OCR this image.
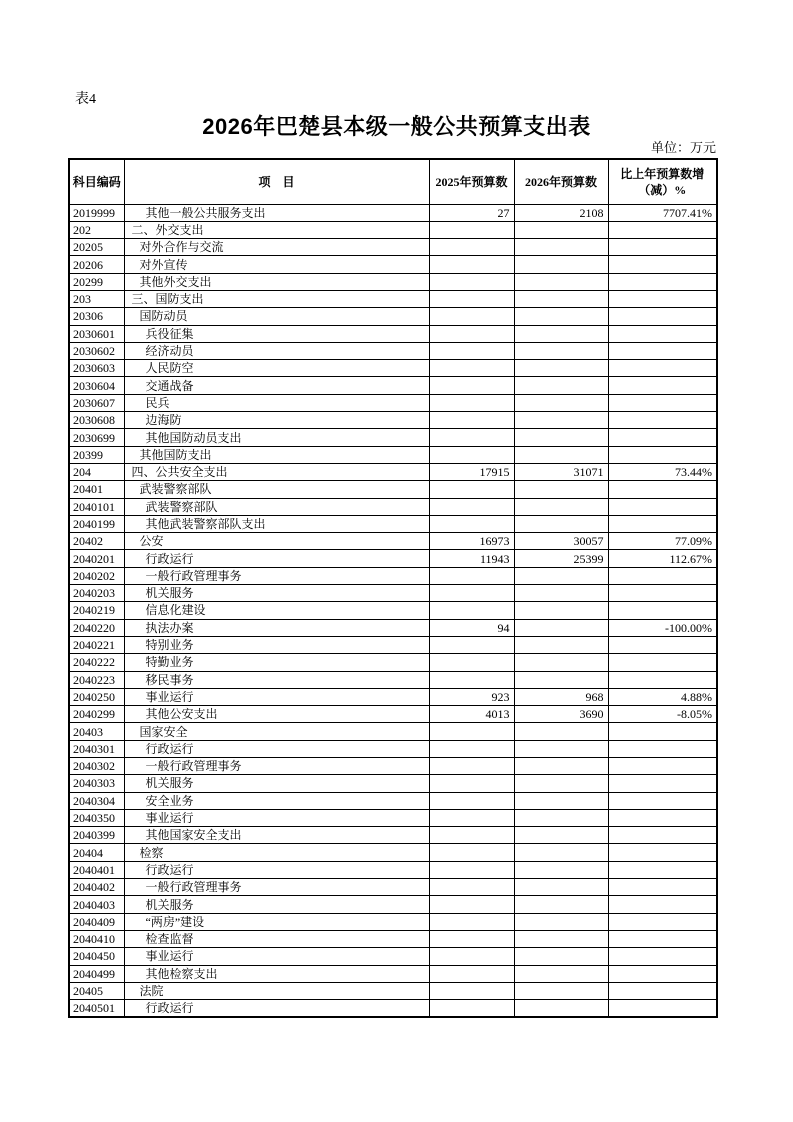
表4
2026年巴楚县本级一般公共预算支出表
单位：万元
科目编码	项　目	2025年预算数	2026年预算数	比上年预算数增（减）%
2019999	其他一般公共服务支出	27	2108	7707.41%
202	二、外交支出			
20205	对外合作与交流			
20206	对外宣传			
20299	其他外交支出			
203	三、国防支出			
20306	国防动员			
2030601	兵役征集			
2030602	经济动员			
2030603	人民防空			
2030604	交通战备			
2030607	民兵			
2030608	边海防			
2030699	其他国防动员支出			
20399	其他国防支出			
204	四、公共安全支出	17915	31071	73.44%
20401	武装警察部队			
2040101	武装警察部队			
2040199	其他武装警察部队支出			
20402	公安	16973	30057	77.09%
2040201	行政运行	11943	25399	112.67%
2040202	一般行政管理事务			
2040203	机关服务			
2040219	信息化建设			
2040220	执法办案	94		-100.00%
2040221	特别业务			
2040222	特勤业务			
2040223	移民事务			
2040250	事业运行	923	968	4.88%
2040299	其他公安支出	4013	3690	-8.05%
20403	国家安全			
2040301	行政运行			
2040302	一般行政管理事务			
2040303	机关服务			
2040304	安全业务			
2040350	事业运行			
2040399	其他国家安全支出			
20404	检察			
2040401	行政运行			
2040402	一般行政管理事务			
2040403	机关服务			
2040409	“两房”建设			
2040410	检查监督			
2040450	事业运行			
2040499	其他检察支出			
20405	法院			
2040501	行政运行			
